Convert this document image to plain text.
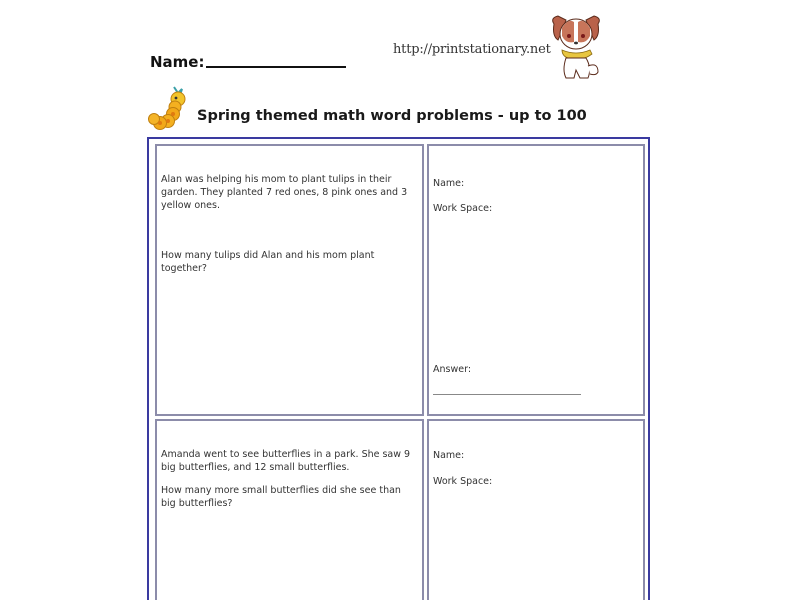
Name:
http://printstationary.net
Spring themed math word problems - up to 100

Alan was helping his mom to plant tulips in their garden. They planted 7 red ones, 8 pink ones and 3 yellow ones.

How many tulips did Alan and his mom plant together?

Name:

Work Space:

Answer:

Amanda went to see butterflies in a park. She saw 9 big butterflies, and 12 small butterflies.

How many more small butterflies did she see than big butterflies?

Name:

Work Space:
